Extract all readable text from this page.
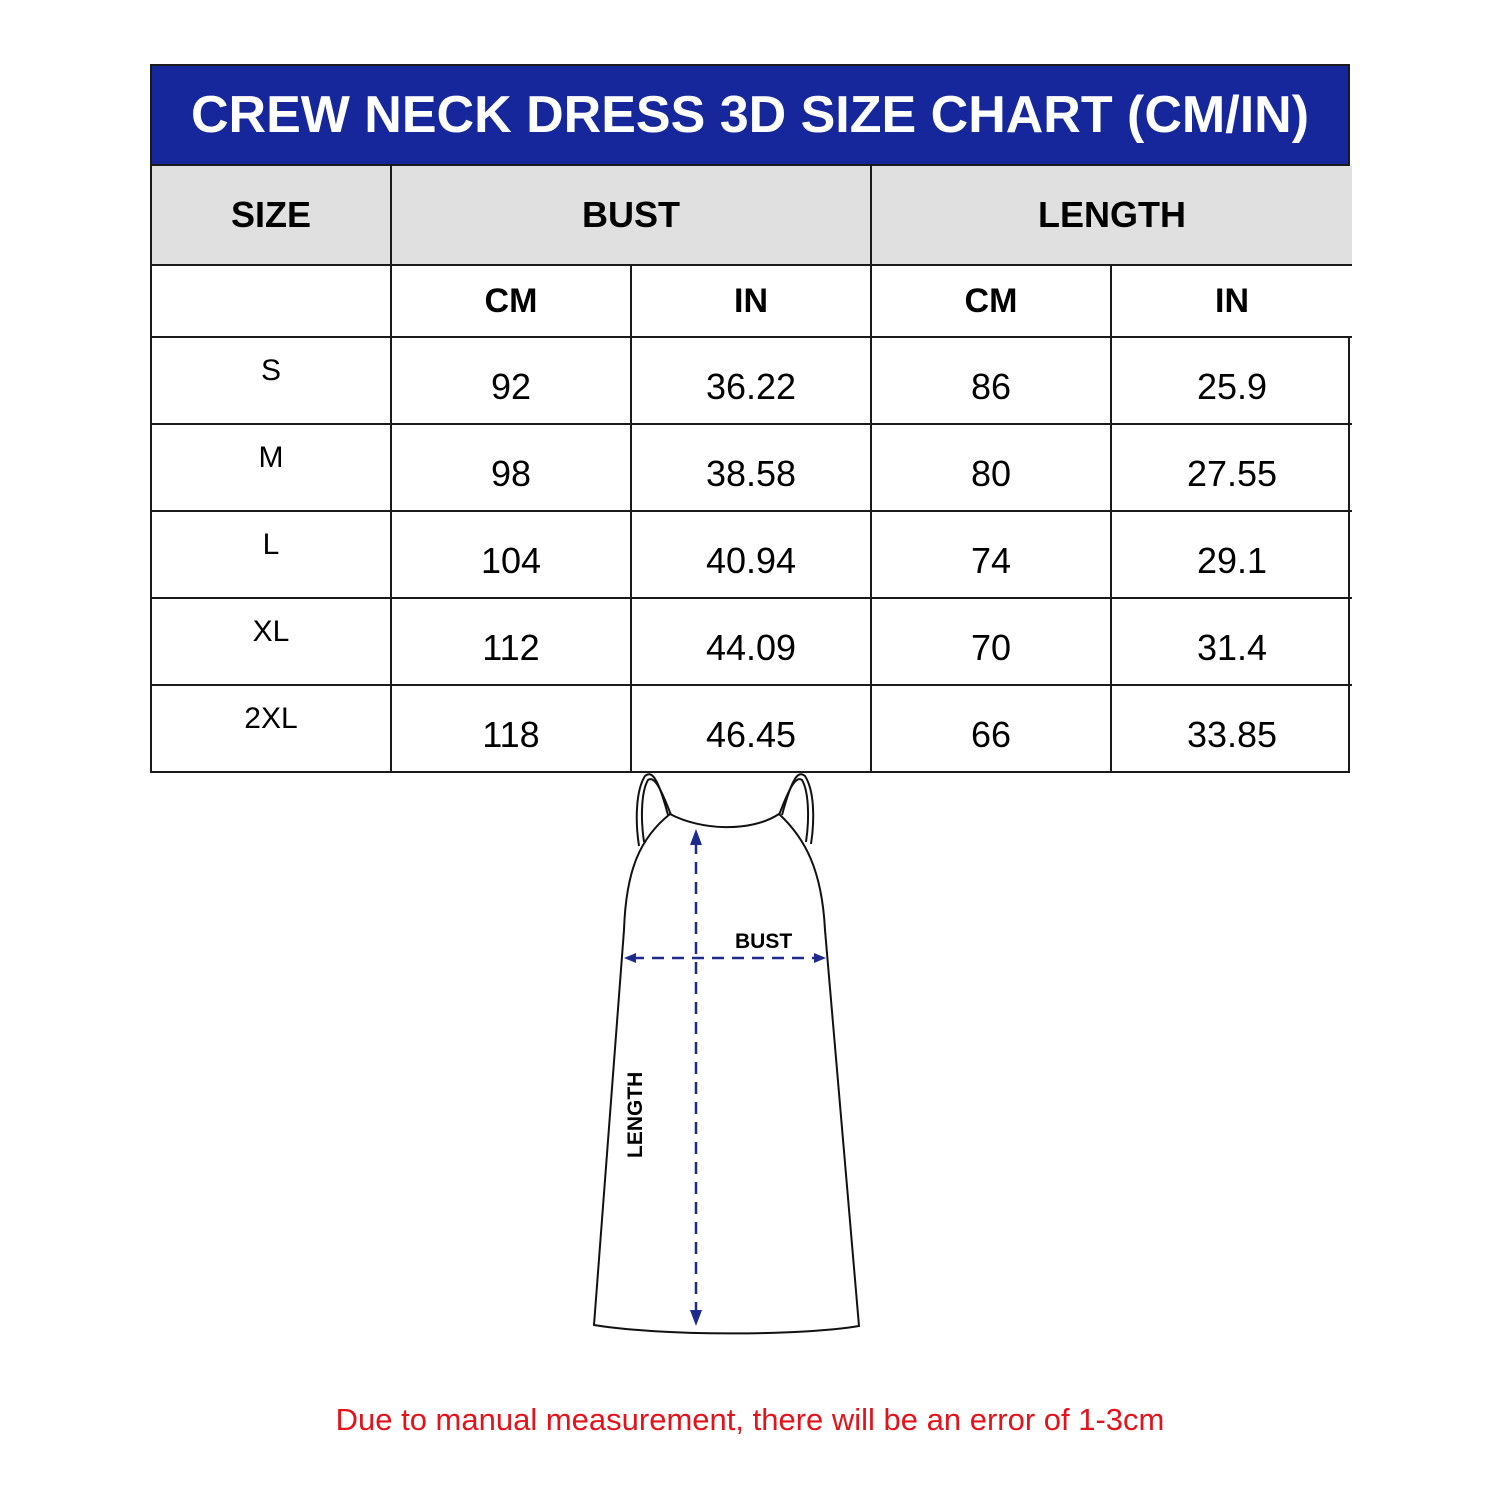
CREW NECK DRESS 3D SIZE CHART (CM/IN)
SIZE	BUST		LENGTH	
	CM	IN	CM	IN
S	92	36.22	86	25.9
M	98	38.58	80	27.55
L	104	40.94	74	29.1
XL	112	44.09	70	31.4
2XL	118	46.45	66	33.85
BUST
LENGTH
Due to manual measurement, there will be an error of 1-3cm
